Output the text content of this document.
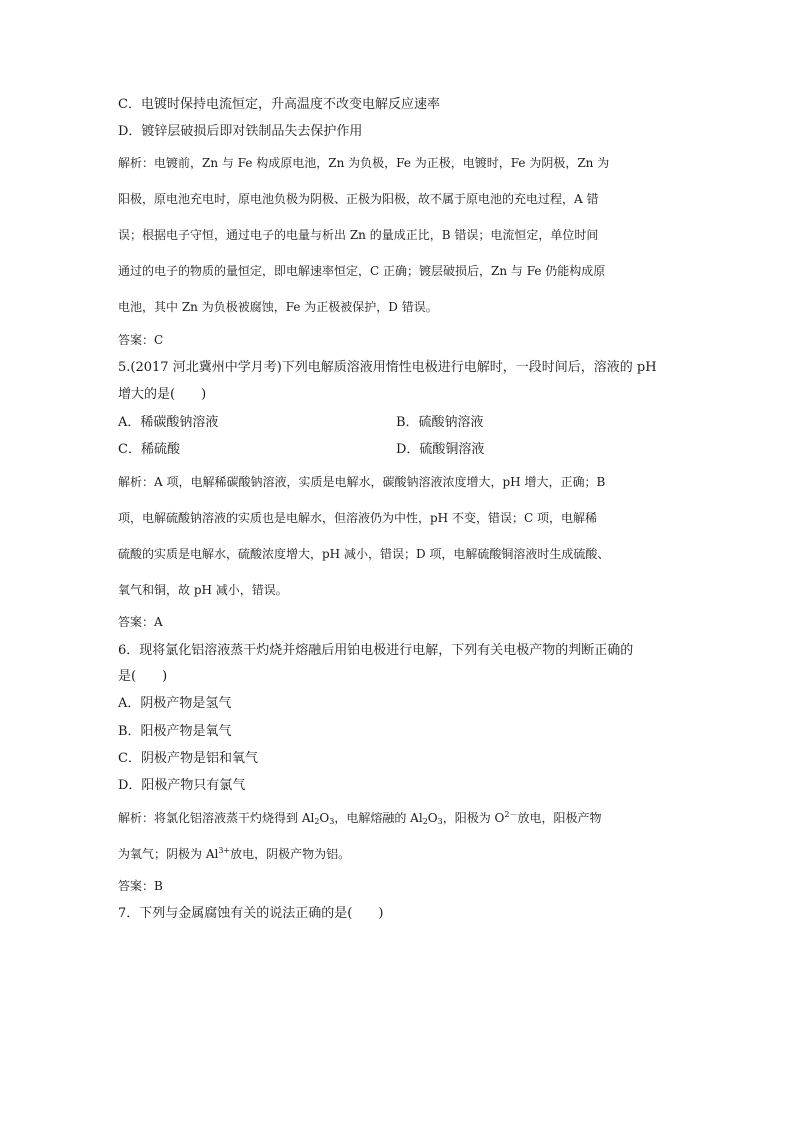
C．电镀时保持电流恒定，升高温度不改变电解反应速率
D．镀锌层破损后即对铁制品失去保护作用
解析：电镀前，Zn 与 Fe 构成原电池，Zn 为负极，Fe 为正极，电镀时，Fe 为阴极，Zn 为
阳极，原电池充电时，原电池负极为阴极、正极为阳极，故不属于原电池的充电过程，A 错
误；根据电子守恒，通过电子的电量与析出 Zn 的量成正比，B 错误；电流恒定，单位时间
通过的电子的物质的量恒定，即电解速率恒定，C 正确；镀层破损后，Zn 与 Fe 仍能构成原
电池，其中 Zn 为负极被腐蚀，Fe 为正极被保护，D 错误。
答案：C
5.(2017 河北冀州中学月考)下列电解质溶液用惰性电极进行电解时，一段时间后，溶液的 pH
增大的是(　　)
A．稀碳酸钠溶液	B．硫酸钠溶液
C．稀硫酸	D．硫酸铜溶液
解析：A 项，电解稀碳酸钠溶液，实质是电解水，碳酸钠溶液浓度增大，pH 增大，正确；B
项，电解硫酸钠溶液的实质也是电解水，但溶液仍为中性，pH 不变，错误；C 项，电解稀
硫酸的实质是电解水，硫酸浓度增大，pH 减小，错误；D 项，电解硫酸铜溶液时生成硫酸、
氧气和铜，故 pH 减小，错误。
答案：A
6．现将氯化铝溶液蒸干灼烧并熔融后用铂电极进行电解，下列有关电极产物的判断正确的
是(　　)
A．阴极产物是氢气
B．阳极产物是氧气
C．阴极产物是铝和氧气
D．阳极产物只有氯气
解析：将氯化铝溶液蒸干灼烧得到 $Al_2O_3$，电解熔融的 $Al_2O_3$，阳极为 $O^{2-}$放电，阳极产物
为氧气；阴极为 $Al^{3+}$放电，阴极产物为铝。
答案：B
7．下列与金属腐蚀有关的说法正确的是(　　)
